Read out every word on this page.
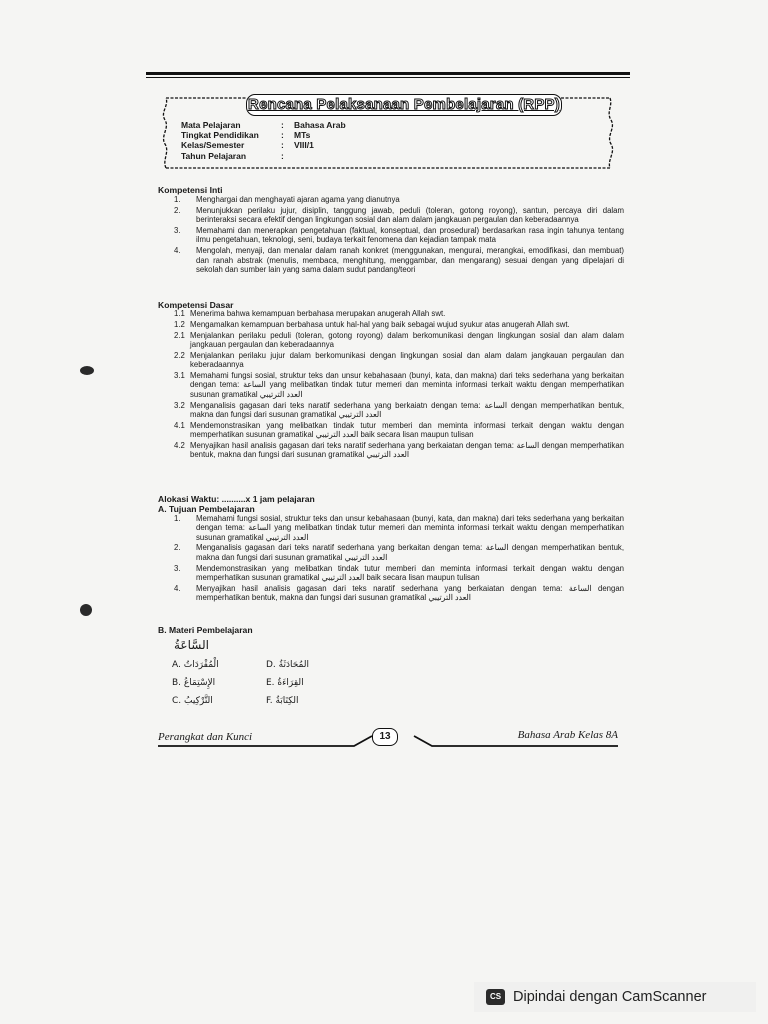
Rencana Pelaksanaan Pembelajaran (RPP)
Mata Pelajaran	:	Bahasa Arab
Tingkat Pendidikan	:	MTs
Kelas/Semester	:	VIII/1
Tahun Pelajaran	:
Kompetensi Inti
1.	Menghargai dan menghayati ajaran agama yang dianutnya
2.	Menunjukkan perilaku jujur, disiplin, tanggung jawab, peduli (toleran, gotong royong), santun, percaya diri dalam berinteraksi secara efektif dengan lingkungan sosial dan alam dalam jangkauan pergaulan dan keberadaannya
3.	Memahami dan menerapkan pengetahuan (faktual, konseptual, dan prosedural) berdasarkan rasa ingin tahunya tentang ilmu pengetahuan, teknologi, seni, budaya terkait fenomena dan kejadian tampak mata
4.	Mengolah, menyaji, dan menalar dalam ranah konkret (menggunakan, mengurai, merangkai, emodifikasi, dan membuat) dan ranah abstrak (menulis, membaca, menghitung, menggambar, dan mengarang) sesuai dengan yang dipelajari di sekolah dan sumber lain yang sama dalam sudut pandang/teori
Kompetensi Dasar
1.1 Menerima bahwa kemampuan berbahasa merupakan anugerah Allah swt.
1.2 Mengamalkan kemampuan berbahasa untuk hal-hal yang baik sebagai wujud syukur atas anugerah Allah swt.
2.1 Menjalankan perilaku peduli (toleran, gotong royong) dalam berkomunikasi dengan lingkungan sosial dan alam dalam jangkauan pergaulan dan keberadaannya
2.2 Menjalankan perilaku jujur dalam berkomunikasi dengan lingkungan sosial dan alam dalam jangkauan pergaulan dan keberadaannya
3.1 Memahami fungsi sosial, struktur teks dan unsur kebahasaan (bunyi, kata, dan makna) dari teks sederhana yang berkaitan dengan tema: الساعة yang melibatkan tindak tutur memeri dan meminta informasi terkait waktu dengan memperhatikan susunan gramatikal العدد الترتيبي
3.2 Menganalisis gagasan dari teks naratif sederhana yang berkaiatn dengan tema: الساعة dengan memperhatikan bentuk, makna dan fungsi dari susunan gramatikal العدد الترتيبي
4.1 Mendemonstrasikan yang melibatkan tindak tutur memberi dan meminta informasi terkait dengan waktu dengan memperhatikan susunan gramatikal العدد الترتيبي baik secara lisan maupun tulisan
4.2 Menyajikan hasil analisis gagasan dari teks naratif sederhana yang berkaiatan dengan tema: الساعة dengan memperhatikan bentuk, makna dan fungsi dari susunan gramatikal العدد الترتيبي
Alokasi Waktu: ..........x 1 jam pelajaran
A. Tujuan Pembelajaran
1.	Memahami fungsi sosial, struktur teks dan unsur kebahasaan (bunyi, kata, dan makna) dari teks sederhana yang berkaitan dengan tema: الساعة yang melibatkan tindak tutur memeri dan meminta informasi terkait waktu dengan memperhatikan susunan gramatikal العدد الترتيبي
2.	Menganalisis gagasan dari teks naratif sederhana yang berkaitan dengan tema: الساعة dengan memperhatikan bentuk, makna dan fungsi dari susunan gramatikal العدد الترتيبي
3.	Mendemonstrasikan yang melibatkan tindak tutur memberi dan meminta informasi terkait dengan waktu dengan memperhatikan susunan gramatikal العدد الترتيبي baik secara lisan maupun tulisan
4.	Menyajikan hasil analisis gagasan dari teks naratif sederhana yang berkaiatan dengan tema: الساعة dengan memperhatikan bentuk, makna dan fungsi dari susunan gramatikal العدد الترتيبي
B. Materi Pembelajaran
السَّاعَةُ
A. الْمُفْرَدَاتُ	D. المُحَادَثَةُ
B. الإِسْتِمَاعُ	E. القِرَاءَةُ
C. التَّرْكِيبُ	F. الكِتَابَةُ
Perangkat dan Kunci	13	Bahasa Arab Kelas 8A
CS Dipindai dengan CamScanner
